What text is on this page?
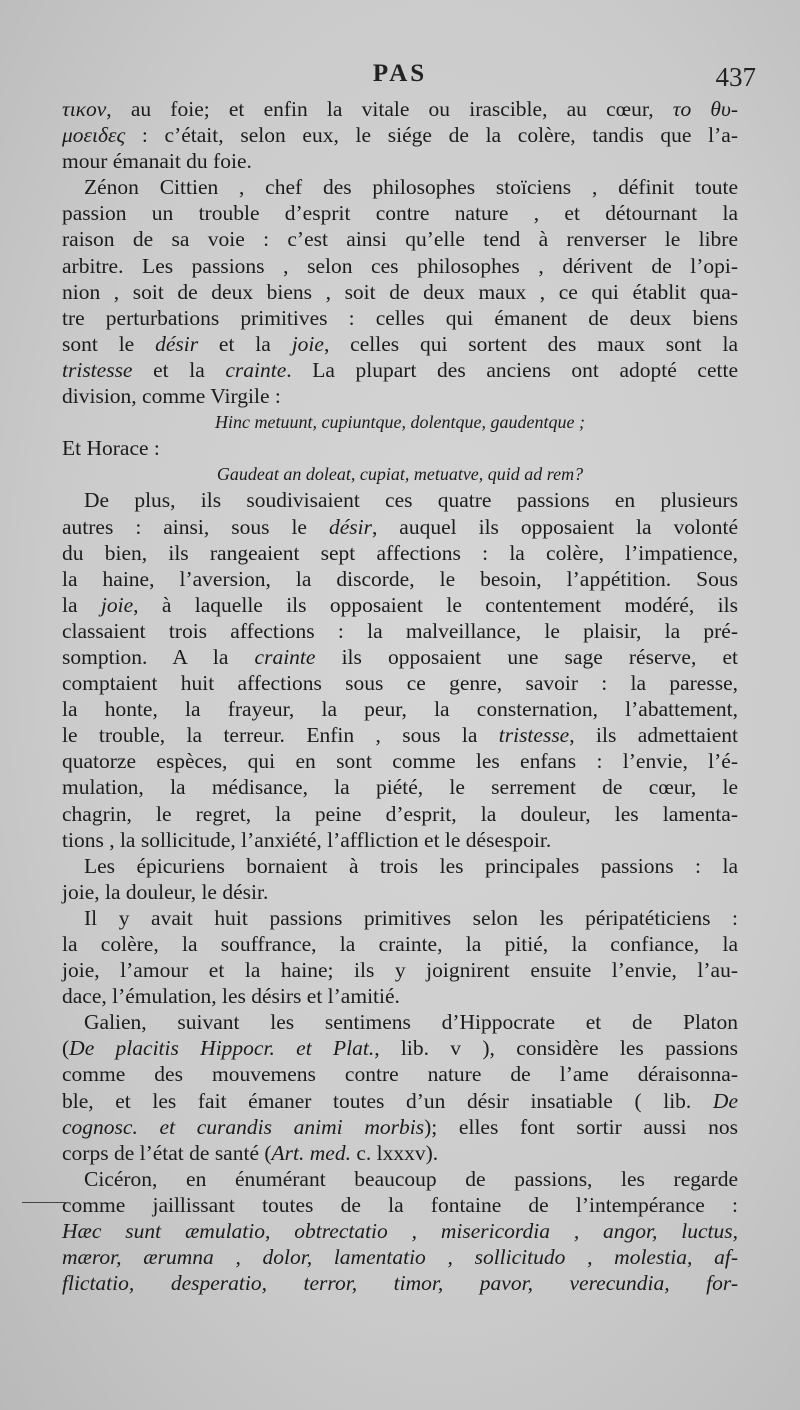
PAS	437
τικον, au foie; et enfin la vitale ou irascible, au cœur, το θυ-
μοειδες : c’était, selon eux, le siége de la colère, tandis que l’a-
mour émanait du foie.
Zénon Cittien , chef des philosophes stoïciens , définit toute
passion un trouble d’esprit contre nature , et détournant la
raison de sa voie : c’est ainsi qu’elle tend à renverser le libre
arbitre. Les passions , selon ces philosophes , dérivent de l’opi-
nion , soit de deux biens , soit de deux maux , ce qui établit qua-
tre perturbations primitives : celles qui émanent de deux biens
sont le désir et la joie, celles qui sortent des maux sont la
tristesse et la crainte. La plupart des anciens ont adopté cette
division, comme Virgile :
Hinc metuunt, cupiuntque, dolentque, gaudentque ;
Et Horace :
Gaudeat an doleat, cupiat, metuatve, quid ad rem?
De plus, ils soudivisaient ces quatre passions en plusieurs
autres : ainsi, sous le désir, auquel ils opposaient la volonté
du bien, ils rangeaient sept affections : la colère, l’impatience,
la haine, l’aversion, la discorde, le besoin, l’appétition. Sous
la joie, à laquelle ils opposaient le contentement modéré, ils
classaient trois affections : la malveillance, le plaisir, la pré-
somption. A la crainte ils opposaient une sage réserve, et
comptaient huit affections sous ce genre, savoir : la paresse,
la honte, la frayeur, la peur, la consternation, l’abattement,
le trouble, la terreur. Enfin , sous la tristesse, ils admettaient
quatorze espèces, qui en sont comme les enfans : l’envie, l’é-
mulation, la médisance, la piété, le serrement de cœur, le
chagrin, le regret, la peine d’esprit, la douleur, les lamenta-
tions , la sollicitude, l’anxiété, l’affliction et le désespoir.
Les épicuriens bornaient à trois les principales passions : la
joie, la douleur, le désir.
Il y avait huit passions primitives selon les péripatéticiens :
la colère, la souffrance, la crainte, la pitié, la confiance, la
joie, l’amour et la haine; ils y joignirent ensuite l’envie, l’au-
dace, l’émulation, les désirs et l’amitié.
Galien, suivant les sentimens d’Hippocrate et de Platon
(De placitis Hippocr. et Plat., lib. v ), considère les passions
comme des mouvemens contre nature de l’ame déraisonna-
ble, et les fait émaner toutes d’un désir insatiable ( lib. De
cognosc. et curandis animi morbis); elles font sortir aussi nos
corps de l’état de santé (Art. med. c. lxxxv).
Cicéron, en énumérant beaucoup de passions, les regarde
comme jaillissant toutes de la fontaine de l’intempérance :
Hæc sunt æmulatio, obtrectatio , misericordia , angor, luctus,
mæror, ærumna , dolor, lamentatio , sollicitudo , molestia, af-
flictatio, desperatio, terror, timor, pavor, verecundia, for-
